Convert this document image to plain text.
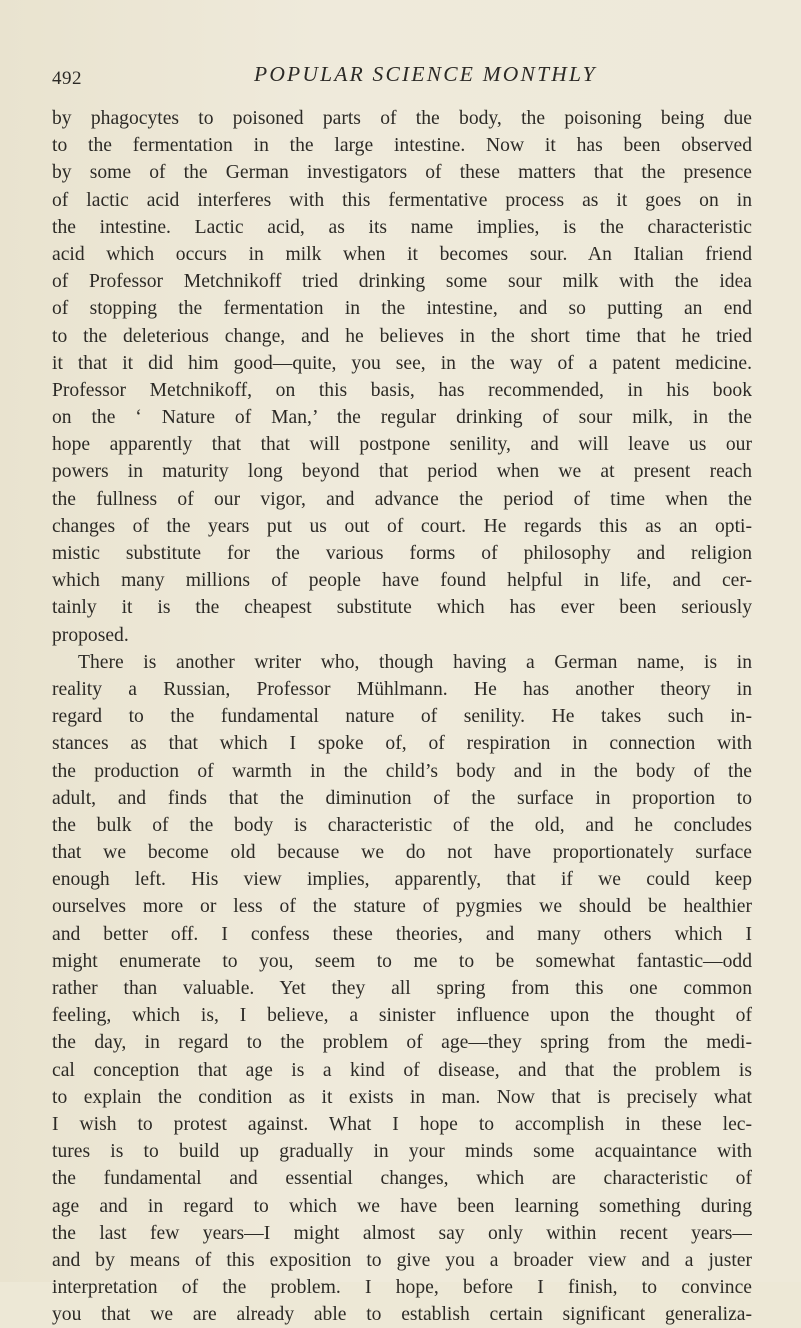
492	POPULAR SCIENCE MONTHLY
by phagocytes to poisoned parts of the body, the poisoning being due
to the fermentation in the large intestine. Now it has been observed
by some of the German investigators of these matters that the presence
of lactic acid interferes with this fermentative process as it goes on in
the intestine. Lactic acid, as its name implies, is the characteristic
acid which occurs in milk when it becomes sour. An Italian friend
of Professor Metchnikoff tried drinking some sour milk with the idea
of stopping the fermentation in the intestine, and so putting an end
to the deleterious change, and he believes in the short time that he tried
it that it did him good—quite, you see, in the way of a patent medicine.
Professor Metchnikoff, on this basis, has recommended, in his book
on the ‘ Nature of Man,’ the regular drinking of sour milk, in the
hope apparently that that will postpone senility, and will leave us our
powers in maturity long beyond that period when we at present reach
the fullness of our vigor, and advance the period of time when the
changes of the years put us out of court. He regards this as an opti-
mistic substitute for the various forms of philosophy and religion
which many millions of people have found helpful in life, and cer-
tainly it is the cheapest substitute which has ever been seriously
proposed.
There is another writer who, though having a German name, is in
reality a Russian, Professor Mühlmann. He has another theory in
regard to the fundamental nature of senility. He takes such in-
stances as that which I spoke of, of respiration in connection with
the production of warmth in the child’s body and in the body of the
adult, and finds that the diminution of the surface in proportion to
the bulk of the body is characteristic of the old, and he concludes
that we become old because we do not have proportionately surface
enough left. His view implies, apparently, that if we could keep
ourselves more or less of the stature of pygmies we should be healthier
and better off. I confess these theories, and many others which I
might enumerate to you, seem to me to be somewhat fantastic—odd
rather than valuable. Yet they all spring from this one common
feeling, which is, I believe, a sinister influence upon the thought of
the day, in regard to the problem of age—they spring from the medi-
cal conception that age is a kind of disease, and that the problem is
to explain the condition as it exists in man. Now that is precisely what
I wish to protest against. What I hope to accomplish in these lec-
tures is to build up gradually in your minds some acquaintance with
the fundamental and essential changes, which are characteristic of
age and in regard to which we have been learning something during
the last few years—I might almost say only within recent years—
and by means of this exposition to give you a broader view and a juster
interpretation of the problem. I hope, before I finish, to convince
you that we are already able to establish certain significant generaliza-
